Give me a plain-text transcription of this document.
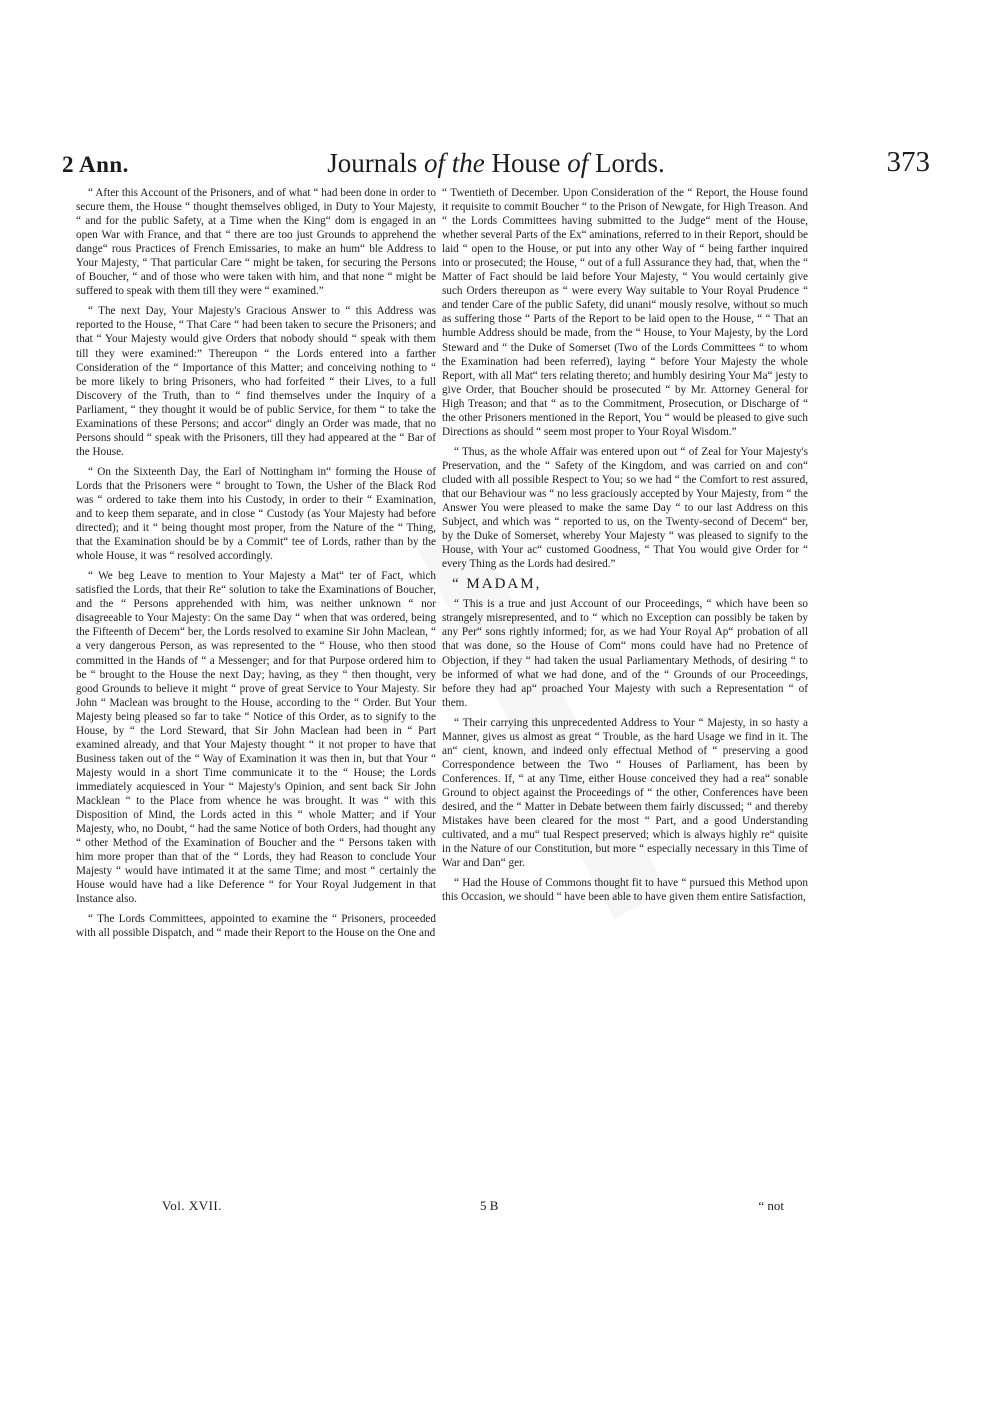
2 Ann.	Journals of the House of Lords.	373

“ After this Account of the Prisoners, and of what “ had been done in order to secure them, the House “ thought themselves obliged, in Duty to Your Majesty, “ and for the public Safety, at a Time when the King“ dom is engaged in an open War with France, and that “ there are too just Grounds to apprehend the dange“ rous Practices of French Emissaries, to make an hum“ ble Address to Your Majesty, “ That particular Care “ might be taken, for securing the Persons of Boucher, “ and of those who were taken with him, and that none “ might be suffered to speak with them till they were “ examined.”

“ The next Day, Your Majesty's Gracious Answer to “ this Address was reported to the House, “ That Care “ had been taken to secure the Prisoners; and that “ Your Majesty would give Orders that nobody should “ speak with them till they were examined:” Thereupon “ the Lords entered into a farther Consideration of the “ Importance of this Matter; and conceiving nothing to “ be more likely to bring Prisoners, who had forfeited “ their Lives, to a full Discovery of the Truth, than to “ find themselves under the Inquiry of a Parliament, “ they thought it would be of public Service, for them “ to take the Examinations of these Persons; and accor“ dingly an Order was made, that no Persons should “ speak with the Prisoners, till they had appeared at the “ Bar of the House.

“ On the Sixteenth Day, the Earl of Nottingham in“ forming the House of Lords that the Prisoners were “ brought to Town, the Usher of the Black Rod was “ ordered to take them into his Custody, in order to their “ Examination, and to keep them separate, and in close “ Custody (as Your Majesty had before directed); and it “ being thought most proper, from the Nature of the “ Thing, that the Examination should be by a Commit“ tee of Lords, rather than by the whole House, it was “ resolved accordingly.

“ We beg Leave to mention to Your Majesty a Mat“ ter of Fact, which satisfied the Lords, that their Re“ solution to take the Examinations of Boucher, and the “ Persons apprehended with him, was neither unknown “ nor disagreeable to Your Majesty: On the same Day “ when that was ordered, being the Fifteenth of Decem“ ber, the Lords resolved to examine Sir John Maclean, “ a very dangerous Person, as was represented to the “ House, who then stood committed in the Hands of “ a Messenger; and for that Purpose ordered him to be “ brought to the House the next Day; having, as they “ then thought, very good Grounds to believe it might “ prove of great Service to Your Majesty. Sir John “ Maclean was brought to the House, according to the “ Order. But Your Majesty being pleased so far to take “ Notice of this Order, as to signify to the House, by “ the Lord Steward, that Sir John Maclean had been in “ Part examined already, and that Your Majesty thought “ it not proper to have that Business taken out of the “ Way of Examination it was then in, but that Your “ Majesty would in a short Time communicate it to the “ House; the Lords immediately acquiesced in Your “ Majesty's Opinion, and sent back Sir John Macklean “ to the Place from whence he was brought. It was “ with this Disposition of Mind, the Lords acted in this “ whole Matter; and if Your Majesty, who, no Doubt, “ had the same Notice of both Orders, had thought any “ other Method of the Examination of Boucher and the “ Persons taken with him more proper than that of the “ Lords, they had Reason to conclude Your Majesty “ would have intimated it at the same Time; and most “ certainly the House would have had a like Deference “ for Your Royal Judgement in that Instance also.

“ The Lords Committees, appointed to examine the “ Prisoners, proceeded with all possible Dispatch, and “ made their Report to the House on the One and

“ Twentieth of December. Upon Consideration of the “ Report, the House found it requisite to commit Boucher “ to the Prison of Newgate, for High Treason. And “ the Lords Committees having submitted to the Judge“ ment of the House, whether several Parts of the Ex“ aminations, referred to in their Report, should be laid “ open to the House, or put into any other Way of “ being farther inquired into or prosecuted; the House, “ out of a full Assurance they had, that, when the “ Matter of Fact should be laid before Your Majesty, “ You would certainly give such Orders thereupon as “ were every Way suitable to Your Royal Prudence “ and tender Care of the public Safety, did unani“ mously resolve, without so much as suffering those “ Parts of the Report to be laid open to the House, “ “ That an humble Address should be made, from the “ House, to Your Majesty, by the Lord Steward and “ the Duke of Somerset (Two of the Lords Committees “ to whom the Examination had been referred), laying “ before Your Majesty the whole Report, with all Mat“ ters relating thereto; and humbly desiring Your Ma“ jesty to give Order, that Boucher should be prosecuted “ by Mr. Attorney General for High Treason; and that “ as to the Commitment, Prosecution, or Discharge of “ the other Prisoners mentioned in the Report, You “ would be pleased to give such Directions as should “ seem most proper to Your Royal Wisdom.”

“ Thus, as the whole Affair was entered upon out “ of Zeal for Your Majesty's Preservation, and the “ Safety of the Kingdom, and was carried on and con“ cluded with all possible Respect to You; so we had “ the Comfort to rest assured, that our Behaviour was “ no less graciously accepted by Your Majesty, from “ the Answer You were pleased to make the same Day “ to our last Address on this Subject, and which was “ reported to us, on the Twenty-second of Decem“ ber, by the Duke of Somerset, whereby Your Majesty “ was pleased to signify to the House, with Your ac“ customed Goodness, “ That You would give Order for “ every Thing as the Lords had desired.”

“ MADAM,

“ This is a true and just Account of our Proceedings, “ which have been so strangely misrepresented, and to “ which no Exception can possibly be taken by any Per“ sons rightly informed; for, as we had Your Royal Ap“ probation of all that was done, so the House of Com“ mons could have had no Pretence of Objection, if they “ had taken the usual Parliamentary Methods, of desiring “ to be informed of what we had done, and of the “ Grounds of our Proceedings, before they had ap“ proached Your Majesty with such a Representation “ of them.

“ Their carrying this unprecedented Address to Your “ Majesty, in so hasty a Manner, gives us almost as great “ Trouble, as the hard Usage we find in it. The an“ cient, known, and indeed only effectual Method of “ preserving a good Correspondence between the Two “ Houses of Parliament, has been by Conferences. If, “ at any Time, either House conceived they had a rea“ sonable Ground to object against the Proceedings of “ the other, Conferences have been desired, and the “ Matter in Debate between them fairly discussed; “ and thereby Mistakes have been cleared for the most “ Part, and a good Understanding cultivated, and a mu“ tual Respect preserved; which is always highly re“ quisite in the Nature of our Constitution, but more “ especially necessary in this Time of War and Dan“ ger.

“ Had the House of Commons thought fit to have “ pursued this Method upon this Occasion, we should “ have been able to have given them entire Satisfaction,

Vol. XVII.	5 B	“ not
